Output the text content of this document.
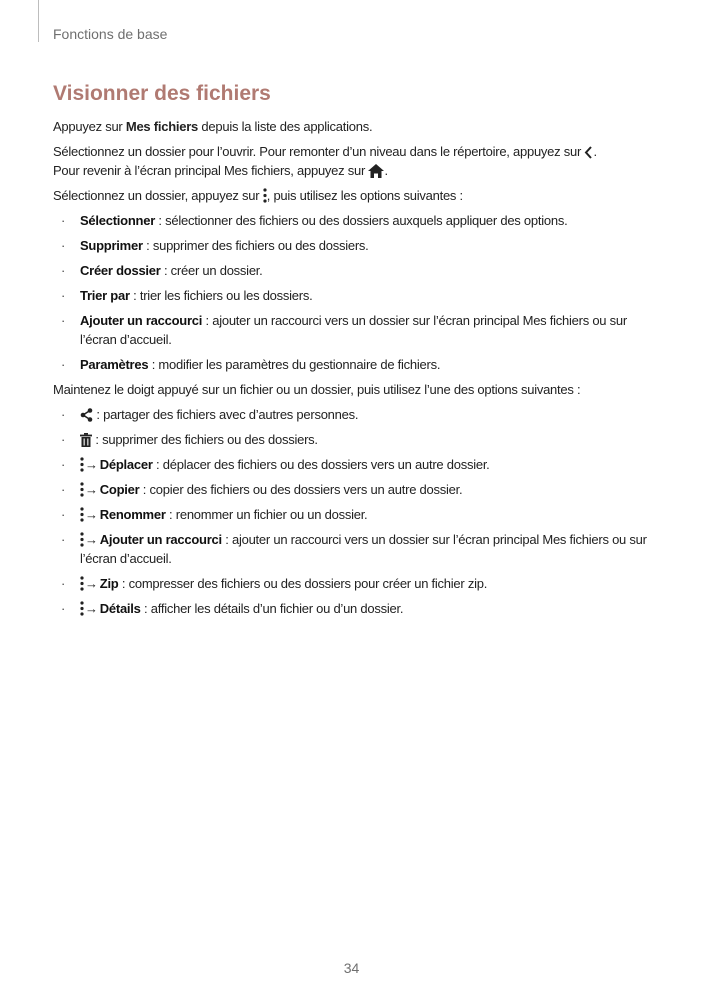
Fonctions de base
Visionner des fichiers

Appuyez sur Mes fichiers depuis la liste des applications.

Sélectionnez un dossier pour l’ouvrir. Pour remonter d’un niveau dans le répertoire, appuyez sur .
Pour revenir à l’écran principal Mes fichiers, appuyez sur .

Sélectionnez un dossier, appuyez sur , puis utilisez les options suivantes :

· Sélectionner : sélectionner des fichiers ou des dossiers auxquels appliquer des options.
· Supprimer : supprimer des fichiers ou des dossiers.
· Créer dossier : créer un dossier.
· Trier par : trier les fichiers ou les dossiers.
· Ajouter un raccourci : ajouter un raccourci vers un dossier sur l’écran principal Mes fichiers ou sur l’écran d’accueil.
· Paramètres : modifier les paramètres du gestionnaire de fichiers.

Maintenez le doigt appuyé sur un fichier ou un dossier, puis utilisez l’une des options suivantes :

· : partager des fichiers avec d’autres personnes.
· : supprimer des fichiers ou des dossiers.
· → Déplacer : déplacer des fichiers ou des dossiers vers un autre dossier.
· → Copier : copier des fichiers ou des dossiers vers un autre dossier.
· → Renommer : renommer un fichier ou un dossier.
· → Ajouter un raccourci : ajouter un raccourci vers un dossier sur l’écran principal Mes fichiers ou sur l’écran d’accueil.
· → Zip : compresser des fichiers ou des dossiers pour créer un fichier zip.
· → Détails : afficher les détails d’un fichier ou d’un dossier.
34
